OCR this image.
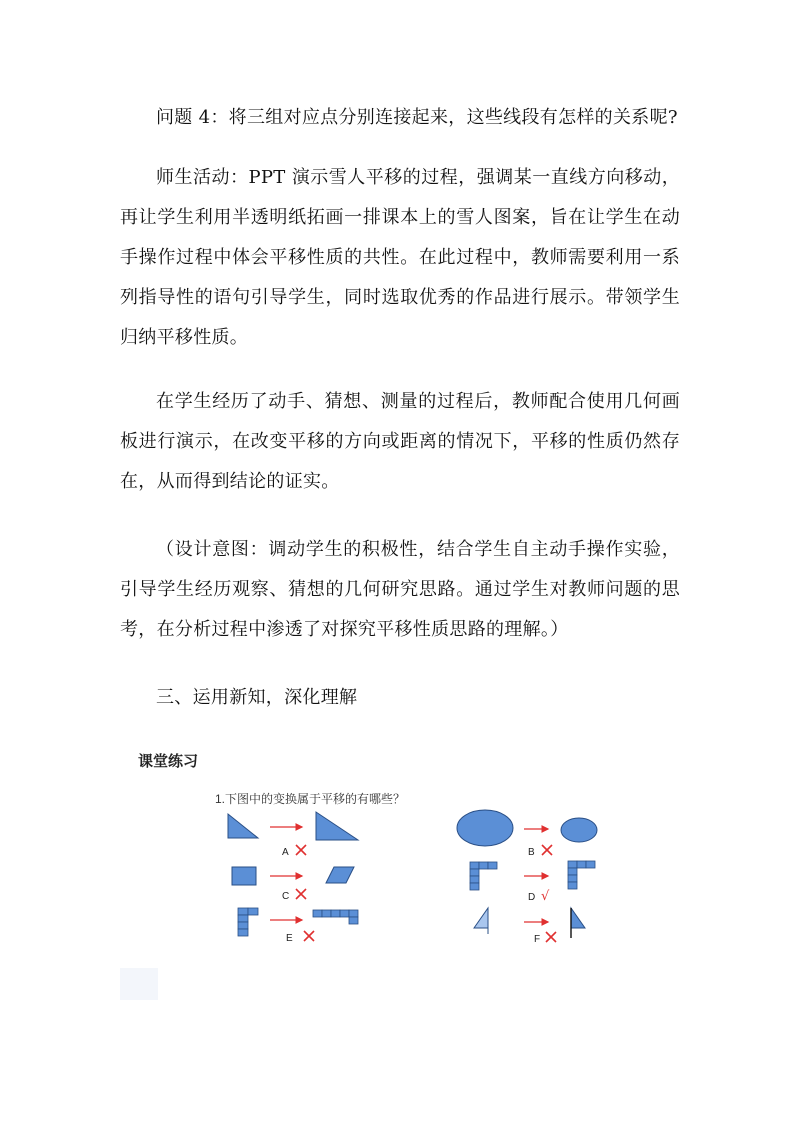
问题 4：将三组对应点分别连接起来，这些线段有怎样的关系呢?

师生活动：PPT 演示雪人平移的过程，强调某一直线方向移动，再让学生利用半透明纸拓画一排课本上的雪人图案，旨在让学生在动手操作过程中体会平移性质的共性。在此过程中，教师需要利用一系列指导性的语句引导学生，同时选取优秀的作品进行展示。带领学生归纳平移性质。

在学生经历了动手、猜想、测量的过程后，教师配合使用几何画板进行演示，在改变平移的方向或距离的情况下，平移的性质仍然存在，从而得到结论的证实。

（设计意图：调动学生的积极性，结合学生自主动手操作实验，引导学生经历观察、猜想的几何研究思路。通过学生对教师问题的思考，在分析过程中渗透了对探究平移性质思路的理解。）

三、运用新知，深化理解

课堂练习
1.下图中的变换属于平移的有哪些？
A
C
E
B
D √
F
